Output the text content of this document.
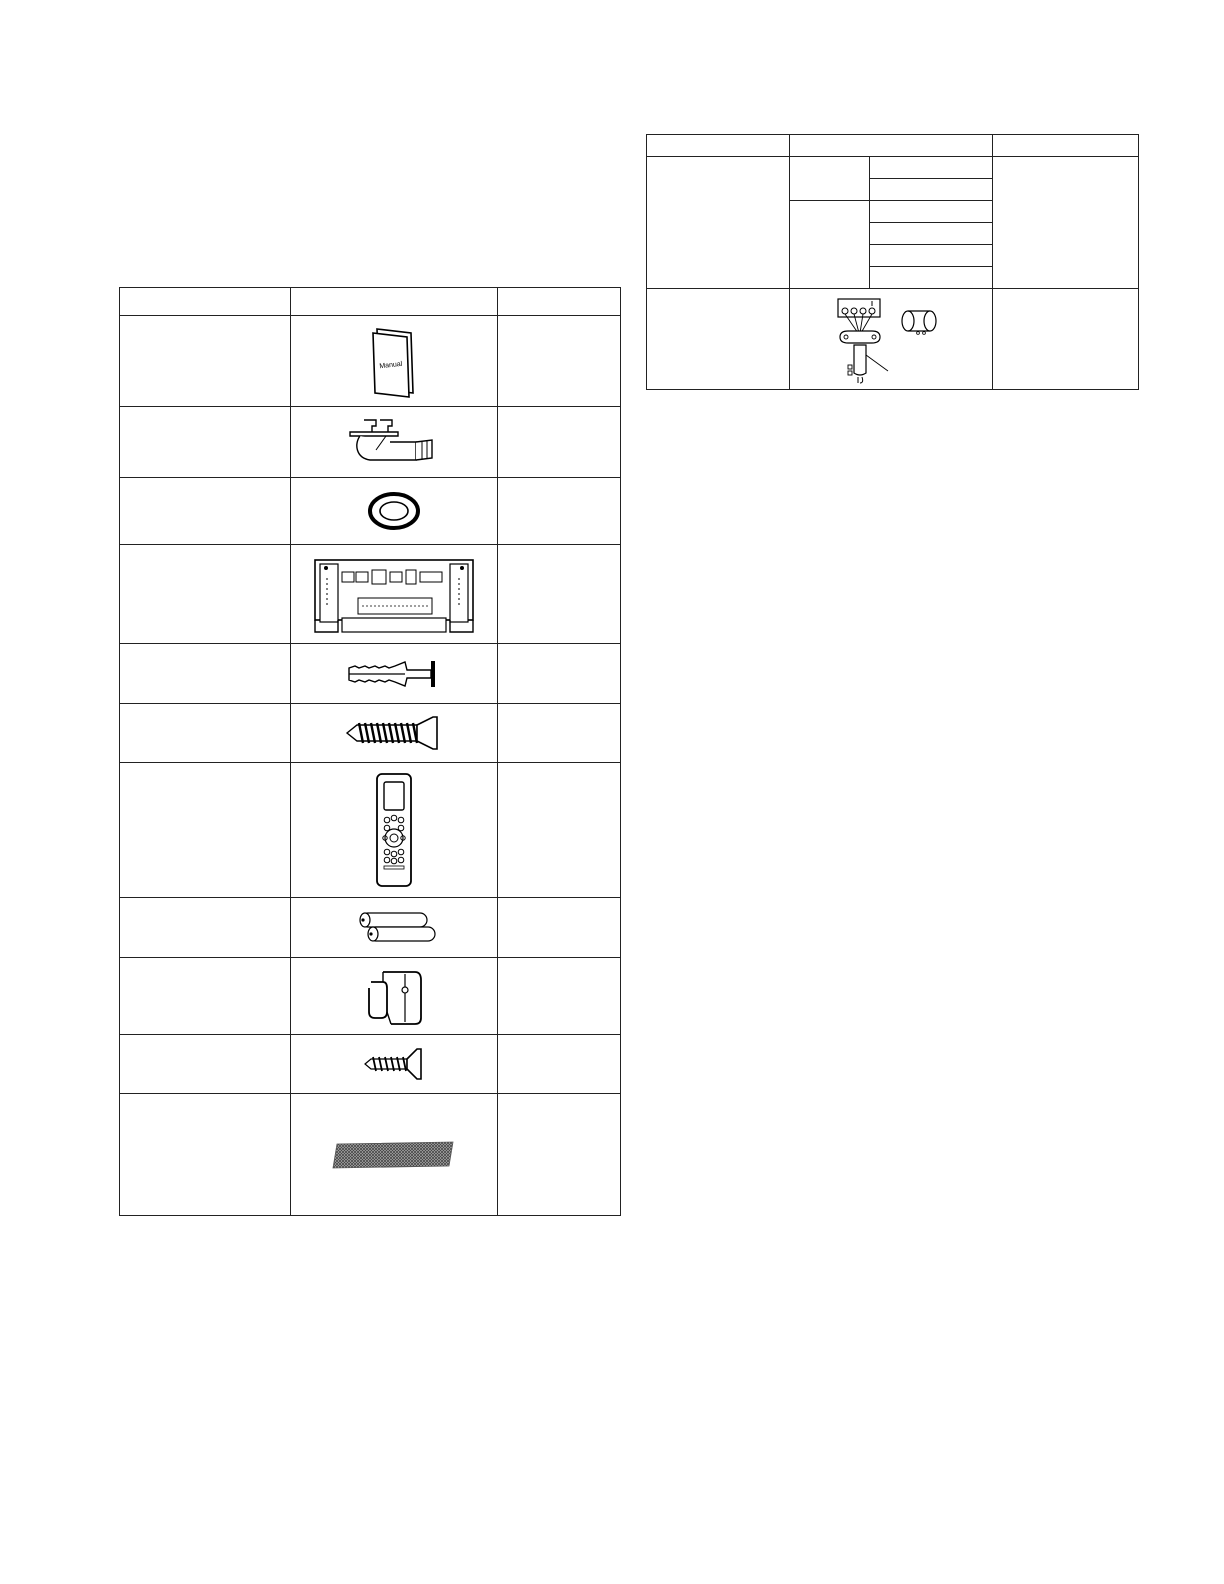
Manual	
